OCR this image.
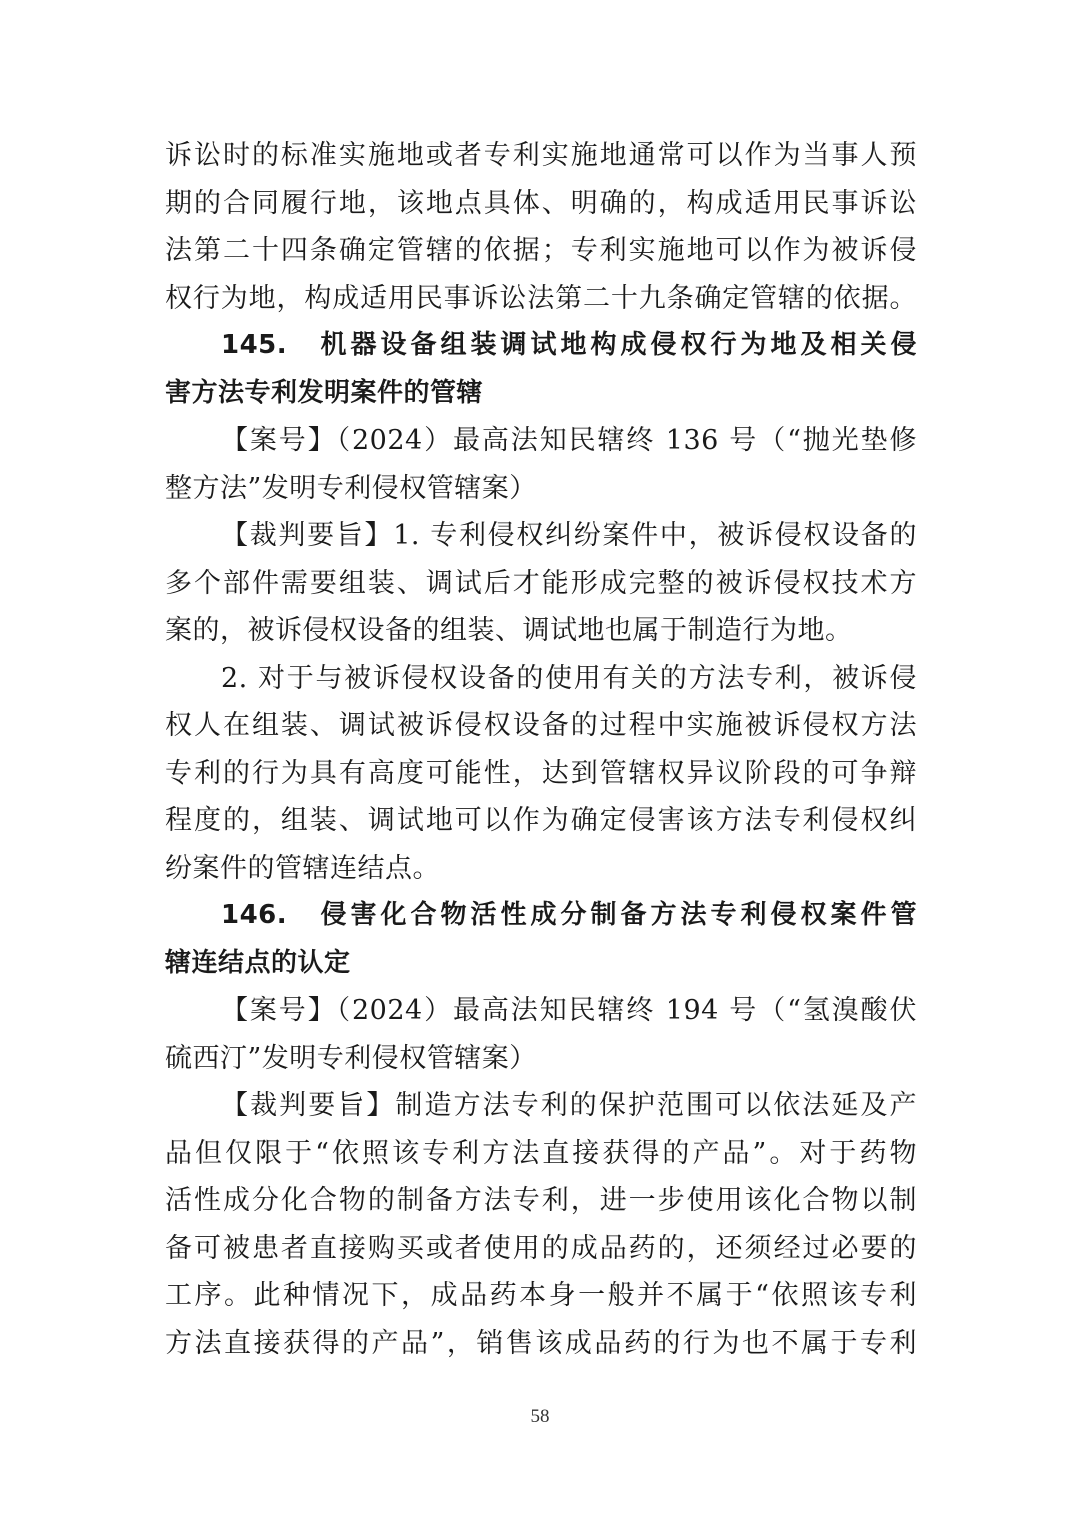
诉讼时的标准实施地或者专利实施地通常可以作为当事人预
期的合同履行地，该地点具体、明确的，构成适用民事诉讼
法第二十四条确定管辖的依据；专利实施地可以作为被诉侵
权行为地，构成适用民事诉讼法第二十九条确定管辖的依据。
145. 机器设备组装调试地构成侵权行为地及相关侵
害方法专利发明案件的管辖
【案号】（2024）最高法知民辖终 136 号（“抛光垫修
整方法”发明专利侵权管辖案）
【裁判要旨】1. 专利侵权纠纷案件中，被诉侵权设备的
多个部件需要组装、调试后才能形成完整的被诉侵权技术方
案的，被诉侵权设备的组装、调试地也属于制造行为地。
2. 对于与被诉侵权设备的使用有关的方法专利，被诉侵
权人在组装、调试被诉侵权设备的过程中实施被诉侵权方法
专利的行为具有高度可能性，达到管辖权异议阶段的可争辩
程度的，组装、调试地可以作为确定侵害该方法专利侵权纠
纷案件的管辖连结点。
146. 侵害化合物活性成分制备方法专利侵权案件管
辖连结点的认定
【案号】（2024）最高法知民辖终 194 号（“氢溴酸伏
硫西汀”发明专利侵权管辖案）
【裁判要旨】制造方法专利的保护范围可以依法延及产
品但仅限于“依照该专利方法直接获得的产品”。对于药物
活性成分化合物的制备方法专利，进一步使用该化合物以制
备可被患者直接购买或者使用的成品药的，还须经过必要的
工序。此种情况下，成品药本身一般并不属于“依照该专利
方法直接获得的产品”，销售该成品药的行为也不属于专利
58
